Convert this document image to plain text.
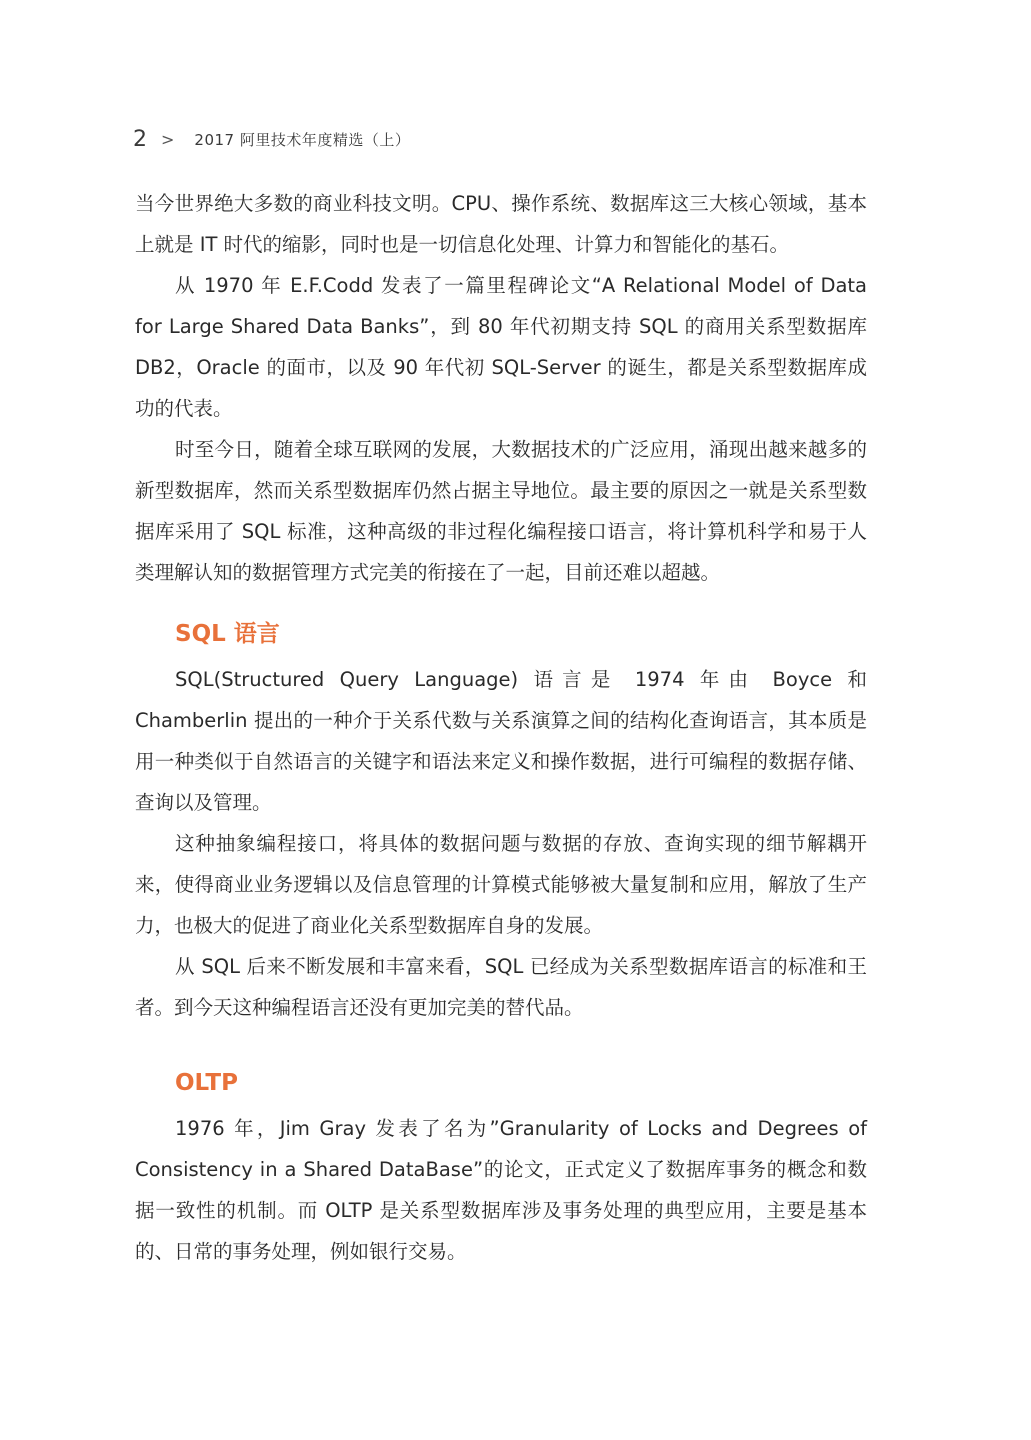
2 > 2017 阿里技术年度精选（上）

当今世界绝大多数的商业科技文明。CPU、操作系统、数据库这三大核心领域，基本上就是 IT 时代的缩影，同时也是一切信息化处理、计算力和智能化的基石。

从 1970 年 E.F.Codd 发表了一篇里程碑论文“A Relational Model of Data for Large Shared Data Banks”，到 80 年代初期支持 SQL 的商用关系型数据库 DB2，Oracle 的面市，以及 90 年代初 SQL-Server 的诞生，都是关系型数据库成功的代表。

时至今日，随着全球互联网的发展，大数据技术的广泛应用，涌现出越来越多的新型数据库，然而关系型数据库仍然占据主导地位。最主要的原因之一就是关系型数据库采用了 SQL 标准，这种高级的非过程化编程接口语言，将计算机科学和易于人类理解认知的数据管理方式完美的衔接在了一起，目前还难以超越。

SQL 语言

SQL(Structured Query Language) 语言是 1974 年由 Boyce 和 Chamberlin 提出的一种介于关系代数与关系演算之间的结构化查询语言，其本质是用一种类似于自然语言的关键字和语法来定义和操作数据，进行可编程的数据存储、查询以及管理。

这种抽象编程接口，将具体的数据问题与数据的存放、查询实现的细节解耦开来，使得商业业务逻辑以及信息管理的计算模式能够被大量复制和应用，解放了生产力，也极大的促进了商业化关系型数据库自身的发展。

从 SQL 后来不断发展和丰富来看，SQL 已经成为关系型数据库语言的标准和王者。到今天这种编程语言还没有更加完美的替代品。

OLTP

1976 年，Jim Gray 发表了名为”Granularity of Locks and Degrees of Consistency in a Shared DataBase”的论文，正式定义了数据库事务的概念和数据一致性的机制。而 OLTP 是关系型数据库涉及事务处理的典型应用，主要是基本的、日常的事务处理，例如银行交易。
